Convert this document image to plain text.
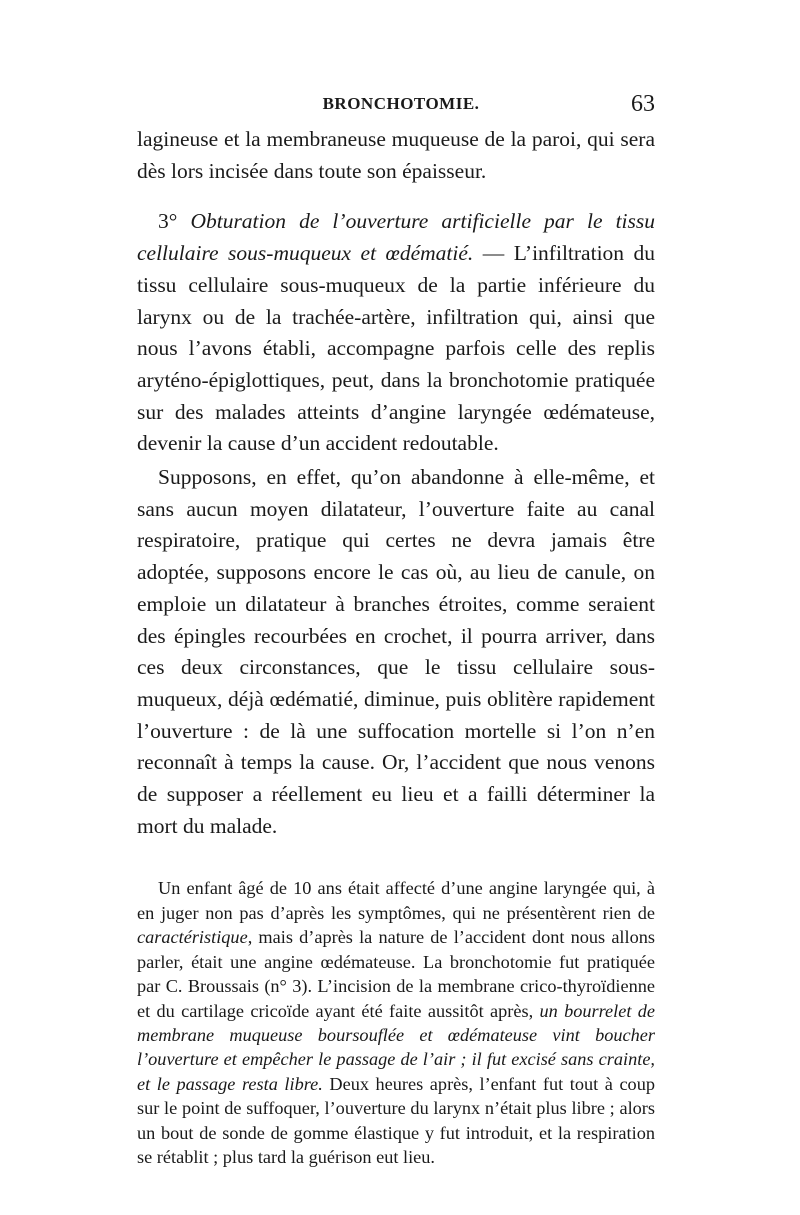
BRONCHOTOMIE.	63

lagineuse et la membraneuse muqueuse de la paroi, qui sera dès lors incisée dans toute son épaisseur.

3° Obturation de l’ouverture artificielle par le tissu cellulaire sous-muqueux et œdématié. — L’infiltration du tissu cellulaire sous-muqueux de la partie inférieure du larynx ou de la trachée-artère, infiltration qui, ainsi que nous l’avons établi, accompagne parfois celle des replis aryténo-épiglottiques, peut, dans la bronchotomie pratiquée sur des malades atteints d’angine laryngée œdémateuse, devenir la cause d’un accident redoutable.

Supposons, en effet, qu’on abandonne à elle-même, et sans aucun moyen dilatateur, l’ouverture faite au canal respiratoire, pratique qui certes ne devra jamais être adoptée, supposons encore le cas où, au lieu de canule, on emploie un dilatateur à branches étroites, comme seraient des épingles recourbées en crochet, il pourra arriver, dans ces deux circonstances, que le tissu cellulaire sous-muqueux, déjà œdématié, diminue, puis oblitère rapidement l’ouverture : de là une suffocation mortelle si l’on n’en reconnaît à temps la cause. Or, l’accident que nous venons de supposer a réellement eu lieu et a failli déterminer la mort du malade.

Un enfant âgé de 10 ans était affecté d’une angine laryngée qui, à en juger non pas d’après les symptômes, qui ne présentèrent rien de caractéristique, mais d’après la nature de l’accident dont nous allons parler, était une angine œdémateuse. La bronchotomie fut pratiquée par C. Broussais (n° 3). L’incision de la membrane crico-thyroïdienne et du cartilage cricoïde ayant été faite aussitôt après, un bourrelet de membrane muqueuse boursouflée et œdémateuse vint boucher l’ouverture et empêcher le passage de l’air ; il fut excisé sans crainte, et le passage resta libre. Deux heures après, l’enfant fut tout à coup sur le point de suffoquer, l’ouverture du larynx n’était plus libre ; alors un bout de sonde de gomme élastique y fut introduit, et la respiration se rétablit ; plus tard la guérison eut lieu.
